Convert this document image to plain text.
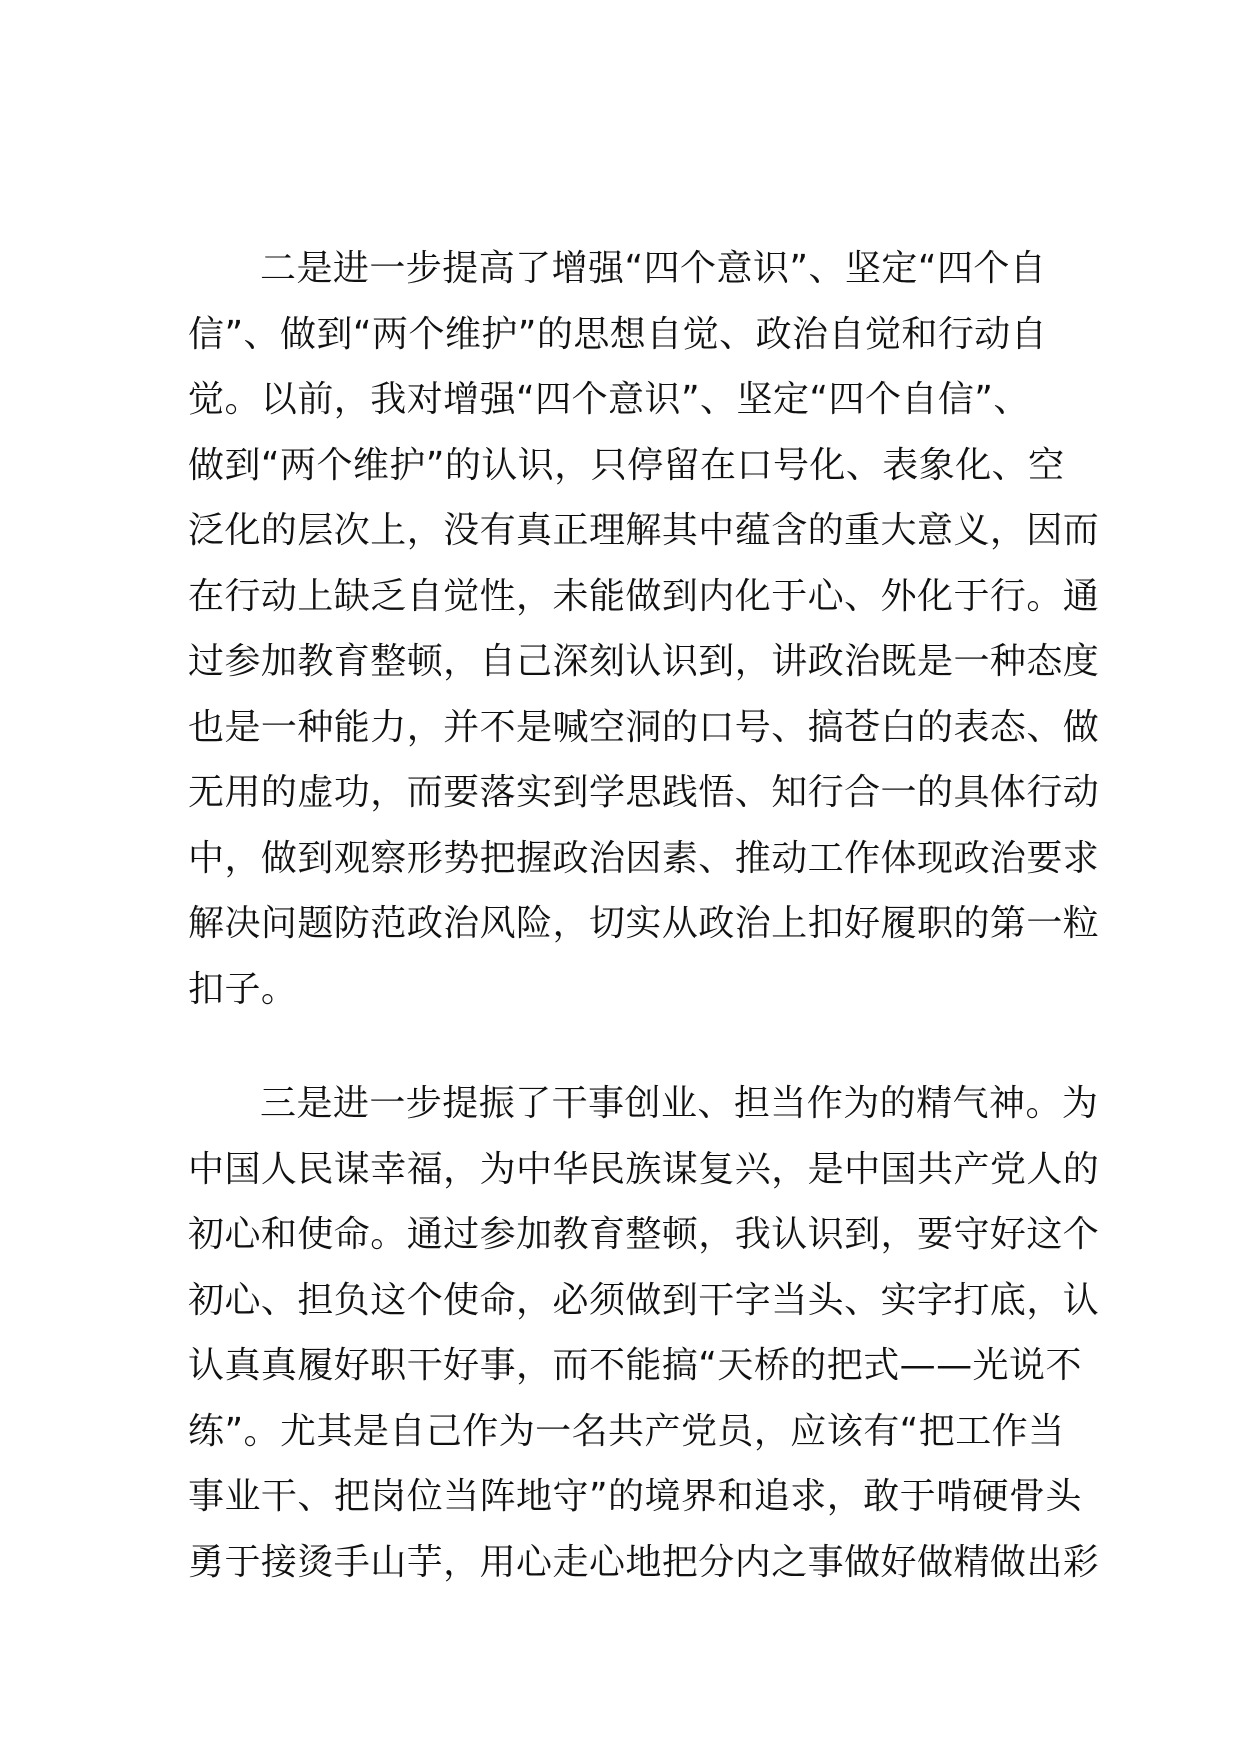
二是进一步提高了增强“四个意识”、坚定“四个自
信”、做到“两个维护”的思想自觉、政治自觉和行动自
觉。以前，我对增强“四个意识”、坚定“四个自信”、
做到“两个维护”的认识，只停留在口号化、表象化、空
泛化的层次上，没有真正理解其中蕴含的重大意义，因而
在行动上缺乏自觉性，未能做到内化于心、外化于行。通
过参加教育整顿，自己深刻认识到，讲政治既是一种态度
也是一种能力，并不是喊空洞的口号、搞苍白的表态、做
无用的虚功，而要落实到学思践悟、知行合一的具体行动
中，做到观察形势把握政治因素、推动工作体现政治要求
解决问题防范政治风险，切实从政治上扣好履职的第一粒
扣子。
三是进一步提振了干事创业、担当作为的精气神。为
中国人民谋幸福，为中华民族谋复兴，是中国共产党人的
初心和使命。通过参加教育整顿，我认识到，要守好这个
初心、担负这个使命，必须做到干字当头、实字打底，认
认真真履好职干好事，而不能搞“天桥的把式——光说不
练”。尤其是自己作为一名共产党员，应该有“把工作当
事业干、把岗位当阵地守”的境界和追求，敢于啃硬骨头
勇于接烫手山芋，用心走心地把分内之事做好做精做出彩
